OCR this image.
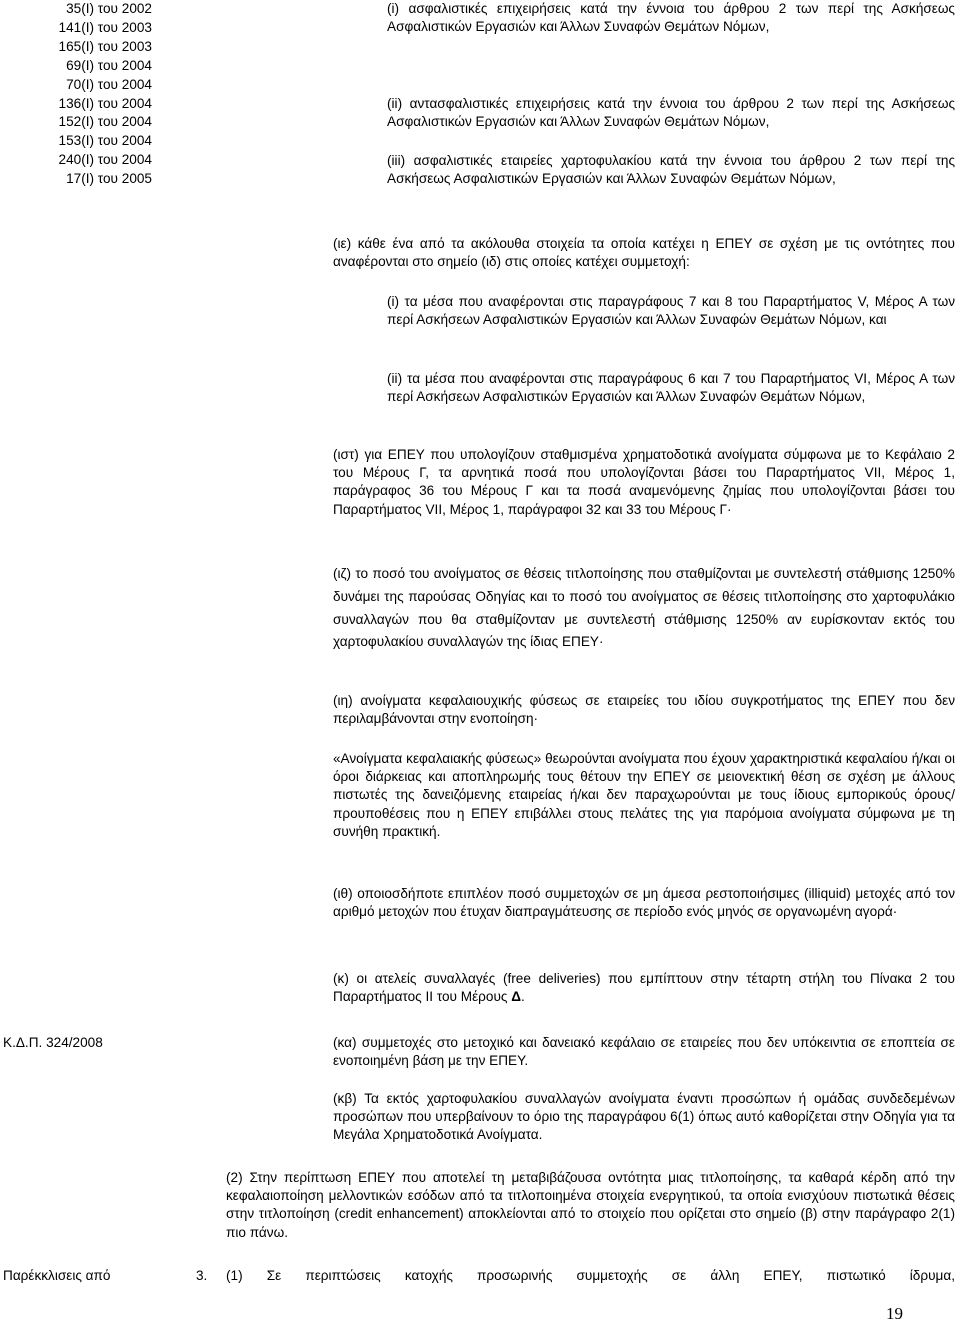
35(Ι) του 2002
141(Ι) του 2003
165(Ι) του 2003
69(Ι) του 2004
70(Ι) του 2004
136(Ι) του 2004
152(Ι) του 2004
153(Ι) του 2004
240(Ι) του 2004
17(Ι) του 2005

(i) ασφαλιστικές επιχειρήσεις κατά την έννοια του άρθρου 2 των περί της Ασκήσεως Ασφαλιστικών Εργασιών και Άλλων Συναφών Θεμάτων Νόμων,

(ii) αντασφαλιστικές επιχειρήσεις κατά την έννοια του άρθρου 2 των περί της Ασκήσεως Ασφαλιστικών Εργασιών και Άλλων Συναφών Θεμάτων Νόμων,

(iii) ασφαλιστικές εταιρείες χαρτοφυλακίου κατά την έννοια του άρθρου 2 των περί της Ασκήσεως Ασφαλιστικών Εργασιών και Άλλων Συναφών Θεμάτων Νόμων,

(ιε) κάθε ένα από τα ακόλουθα στοιχεία τα οποία κατέχει η ΕΠΕΥ σε σχέση με τις οντότητες που αναφέρονται στο σημείο (ιδ) στις οποίες κατέχει συμμετοχή:

(i) τα μέσα που αναφέρονται στις παραγράφους 7 και 8 του Παραρτήματος V, Μέρος Α των περί Ασκήσεων Ασφαλιστικών Εργασιών και Άλλων Συναφών Θεμάτων Νόμων, και

(ii) τα μέσα που αναφέρονται στις παραγράφους 6 και 7 του Παραρτήματος VI, Μέρος Α των περί Ασκήσεων Ασφαλιστικών Εργασιών και Άλλων Συναφών Θεμάτων Νόμων,

(ιστ) για ΕΠΕΥ που υπολογίζουν σταθμισμένα χρηματοδοτικά ανοίγματα σύμφωνα με το Κεφάλαιο 2 του Μέρους Γ, τα αρνητικά ποσά που υπολογίζονται βάσει του Παραρτήματος VII, Μέρος 1, παράγραφος 36 του Μέρους Γ και τα ποσά αναμενόμενης ζημίας που υπολογίζονται βάσει του Παραρτήματος VII, Μέρος 1, παράγραφοι 32 και 33 του Μέρους Γ·

(ιζ) το ποσό του ανοίγματος σε θέσεις τιτλοποίησης που σταθμίζονται με συντελεστή στάθμισης 1250% δυνάμει της παρούσας Οδηγίας και το ποσό του ανοίγματος σε θέσεις τιτλοποίησης στο χαρτοφυλάκιο συναλλαγών που θα σταθμίζονταν με συντελεστή στάθμισης 1250% αν ευρίσκονταν εκτός του χαρτοφυλακίου συναλλαγών της ίδιας ΕΠΕΥ·

(ιη) ανοίγματα κεφαλαιουχικής φύσεως σε εταιρείες του ιδίου συγκροτήματος της ΕΠΕΥ που δεν περιλαμβάνονται στην ενοποίηση·

«Ανοίγματα κεφαλαιακής φύσεως» θεωρούνται ανοίγματα που έχουν χαρακτηριστικά κεφαλαίου ή/και οι όροι διάρκειας και αποπληρωμής τους θέτουν την ΕΠΕΥ σε μειονεκτική θέση σε σχέση με άλλους πιστωτές της δανειζόμενης εταιρείας ή/και δεν παραχωρούνται με τους ίδιους εμπορικούς όρους/προυποθέσεις που η ΕΠΕΥ επιβάλλει στους πελάτες της για παρόμοια ανοίγματα σύμφωνα με τη συνήθη πρακτική.

(ιθ) οποιοσδήποτε επιπλέον ποσό συμμετοχών σε μη άμεσα ρεστοποιήσιμες (illiquid) μετοχές από τον αριθμό μετοχών που έτυχαν διαπραγμάτευσης σε περίοδο ενός μηνός σε οργανωμένη αγορά·

(κ) οι ατελείς συναλλαγές (free deliveries) που εμπίπτουν στην τέταρτη στήλη του Πίνακα 2 του Παραρτήματος ΙΙ του Μέρους Δ.

Κ.Δ.Π. 324/2008	(κα) συμμετοχές στο μετοχικό και δανειακό κεφάλαιο σε εταιρείες που δεν υπόκειντια σε εποπτεία σε ενοποιημένη βάση με την ΕΠΕΥ.

(κβ) Τα εκτός χαρτοφυλακίου συναλλαγών ανοίγματα έναντι προσώπων ή ομάδας συνδεδεμένων προσώπων που υπερβαίνουν το όριο της παραγράφου 6(1) όπως αυτό καθορίζεται στην Οδηγία για τα Μεγάλα Χρηματοδοτικά Ανοίγματα.

(2) Στην περίπτωση ΕΠΕΥ που αποτελεί τη μεταβιβάζουσα οντότητα μιας τιτλοποίησης, τα καθαρά κέρδη από την κεφαλαιοποίηση μελλοντικών εσόδων από τα τιτλοποιημένα στοιχεία ενεργητικού, τα οποία ενισχύουν πιστωτικά θέσεις στην τιτλοποίηση (credit enhancement) αποκλείονται από το στοιχείο που ορίζεται στο σημείο (β) στην παράγραφο 2(1) πιο πάνω.

Παρέκκλισεις από	3. (1) Σε περιπτώσεις κατοχής προσωρινής συμμετοχής σε άλλη ΕΠΕΥ, πιστωτικό ίδρυμα,

19
